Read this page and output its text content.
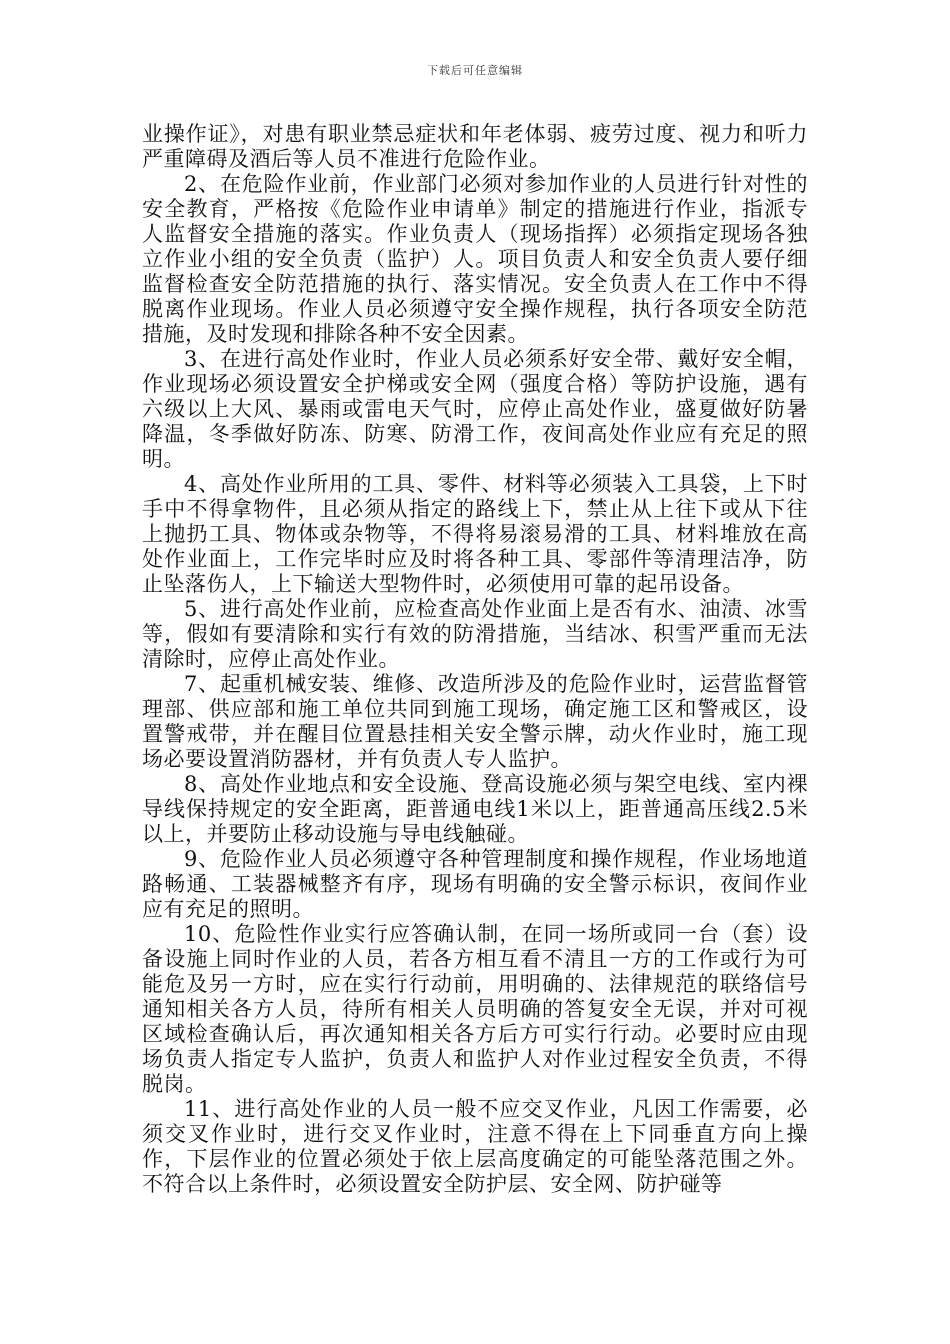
下载后可任意编辑

业操作证》，对患有职业禁忌症状和年老体弱、疲劳过度、视力和听力严重障碍及酒后等人员不准进行危险作业。

2、在危险作业前，作业部门必须对参加作业的人员进行针对性的安全教育，严格按《危险作业申请单》制定的措施进行作业，指派专人监督安全措施的落实。作业负责人（现场指挥）必须指定现场各独立作业小组的安全负责（监护）人。项目负责人和安全负责人要仔细监督检查安全防范措施的执行、落实情况。安全负责人在工作中不得脱离作业现场。作业人员必须遵守安全操作规程，执行各项安全防范措施，及时发现和排除各种不安全因素。

3、在进行高处作业时，作业人员必须系好安全带、戴好安全帽，作业现场必须设置安全护梯或安全网（强度合格）等防护设施，遇有六级以上大风、暴雨或雷电天气时，应停止高处作业，盛夏做好防暑降温，冬季做好防冻、防寒、防滑工作，夜间高处作业应有充足的照明。

4、高处作业所用的工具、零件、材料等必须装入工具袋，上下时手中不得拿物件，且必须从指定的路线上下，禁止从上往下或从下往上抛扔工具、物体或杂物等，不得将易滚易滑的工具、材料堆放在高处作业面上，工作完毕时应及时将各种工具、零部件等清理洁净，防止坠落伤人，上下输送大型物件时，必须使用可靠的起吊设备。

5、进行高处作业前，应检查高处作业面上是否有水、油渍、冰雪等，假如有要清除和实行有效的防滑措施，当结冰、积雪严重而无法清除时，应停止高处作业。

7、起重机械安装、维修、改造所涉及的危险作业时，运营监督管理部、供应部和施工单位共同到施工现场，确定施工区和警戒区，设置警戒带，并在醒目位置悬挂相关安全警示牌，动火作业时，施工现场必要设置消防器材，并有负责人专人监护。

8、高处作业地点和安全设施、登高设施必须与架空电线、室内裸导线保持规定的安全距离，距普通电线1米以上，距普通高压线2.5米以上，并要防止移动设施与导电线触碰。

9、危险作业人员必须遵守各种管理制度和操作规程，作业场地道路畅通、工装器械整齐有序，现场有明确的安全警示标识，夜间作业应有充足的照明。

10、危险性作业实行应答确认制，在同一场所或同一台（套）设备设施上同时作业的人员，若各方相互看不清且一方的工作或行为可能危及另一方时，应在实行行动前，用明确的、法律规范的联络信号通知相关各方人员，待所有相关人员明确的答复安全无误，并对可视区域检查确认后，再次通知相关各方后方可实行行动。必要时应由现场负责人指定专人监护，负责人和监护人对作业过程安全负责，不得脱岗。

11、进行高处作业的人员一般不应交叉作业，凡因工作需要，必须交叉作业时，进行交叉作业时，注意不得在上下同垂直方向上操作，下层作业的位置必须处于依上层高度确定的可能坠落范围之外。不符合以上条件时，必须设置安全防护层、安全网、防护碰等
